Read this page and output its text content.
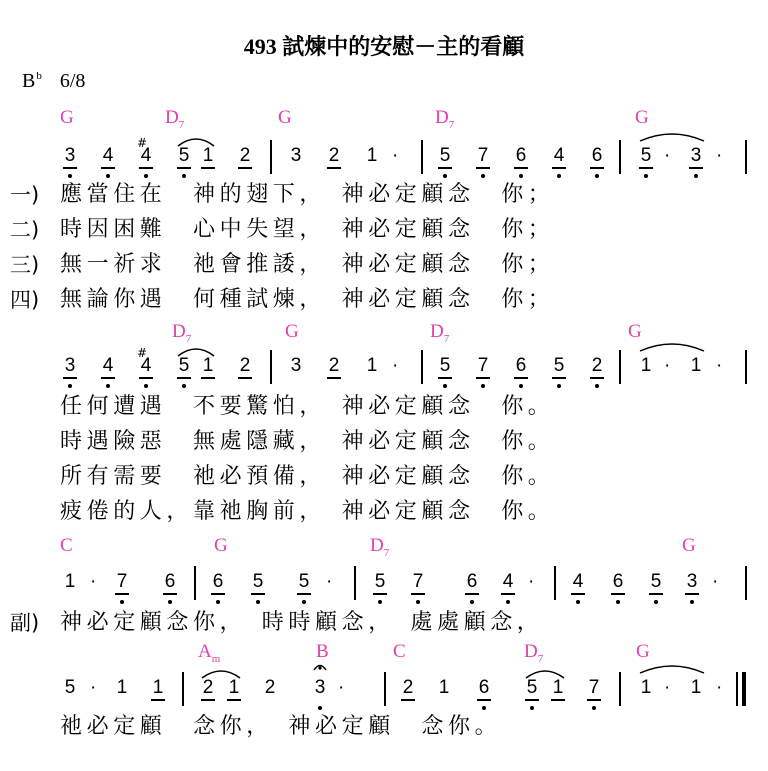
493 試煉中的安慰－主的看顧
$B^b$ 6/8
G	$D_7$	G	$D_7$	G
3 4
#
4 5 1 2 3 2 1 · 5 7 6 4 6 5 · 3 ·
一) 應當住在　神的翅下，　神必定顧念　你；
二) 時因困難　心中失望，　神必定顧念　你；
三) 無一祈求　祂會推諉，　神必定顧念　你；
四) 無論你遇　何種試煉，　神必定顧念　你；
$D_7$	G	$D_7$	G
3 4
#
4 5 1 2 3 2 1 · 5 7 6 5 2 1 · 1 ·
任何遭遇　不要驚怕，　神必定顧念　你。
時遇險惡　無處隱藏，　神必定顧念　你。
所有需要　祂必預備，　神必定顧念　你。
疲倦的人，靠祂胸前，　神必定顧念　你。
C	G	$D_7$	G
1 · 7 6 6 5 5 · 5 7 6 4 · 4 6 5 3 ·
副) 神必定顧念你，　時時顧念，　處處顧念，
$A_m$	B	C	$D_7$	G
5 · 1 1 2 1 2 3 ·	2 1 6 5 1 7 1 · 1 ·
祂必定顧　念你，　神必定顧　念你。
